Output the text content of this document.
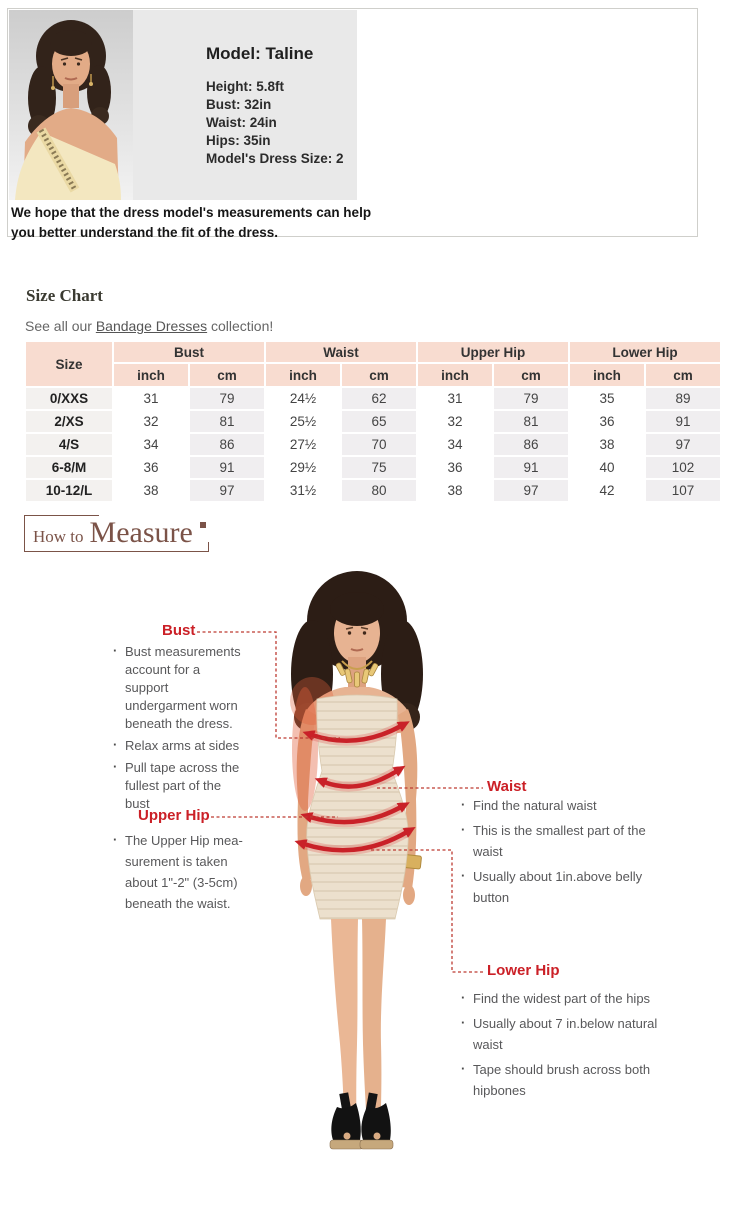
Model: Taline
Height: 5.8ft
Bust: 32in
Waist: 24in
Hips: 35in
Model's Dress Size: 2
We hope that the dress model's measurements can help you better understand the fit of the dress.
Size Chart

See all our Bandage Dresses collection!

Size	Bust		Waist		Upper Hip		Lower Hip	
	inch	cm	inch	cm	inch	cm	inch	cm
0/XXS	31	79	24½	62	31	79	35	89
2/XS	32	81	25½	65	32	81	36	91
4/S	34	86	27½	70	34	86	38	97
6-8/M	36	91	29½	75	36	91	40	102
10-12/L	38	97	31½	80	38	97	42	107
How to Measure
Bust
· Bust measurements account for a support undergarment worn beneath the dress.
· Relax arms at sides
· Pull tape across the fullest part of the bust
Upper Hip
· The Upper Hip mea-surement is taken about 1"-2" (3-5cm) beneath the waist.
Waist
· Find the natural waist
· This is the smallest part of the waist
· Usually about 1in.above belly button
Lower Hip
· Find the widest part of the hips
· Usually about 7 in.below natural waist
· Tape should brush across both hipbones
